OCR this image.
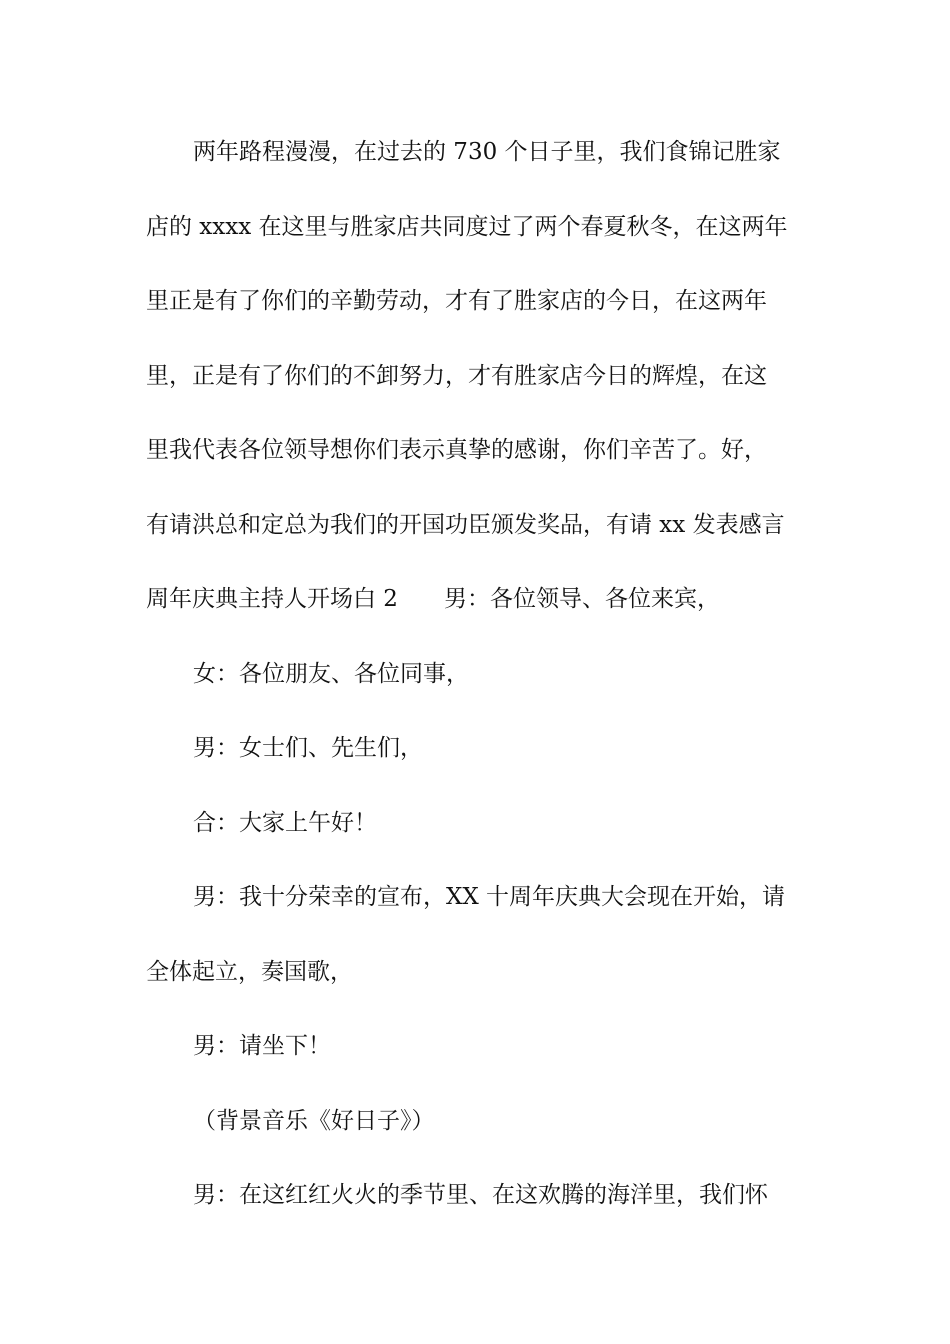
两年路程漫漫，在过去的 730 个日子里，我们食锦记胜家
店的 xxxx 在这里与胜家店共同度过了两个春夏秋冬，在这两年
里正是有了你们的辛勤劳动，才有了胜家店的今日，在这两年
里，正是有了你们的不卸努力，才有胜家店今日的辉煌，在这
里我代表各位领导想你们表示真挚的感谢，你们辛苦了。好，
有请洪总和定总为我们的开国功臣颁发奖品，有请 xx 发表感言
周年庆典主持人开场白 2　　男：各位领导、各位来宾，
女：各位朋友、各位同事，
男：女士们、先生们，
合：大家上午好！
男：我十分荣幸的宣布，XX 十周年庆典大会现在开始，请
全体起立，奏国歌，
男：请坐下！
（背景音乐《好日子》）
男：在这红红火火的季节里、在这欢腾的海洋里，我们怀
